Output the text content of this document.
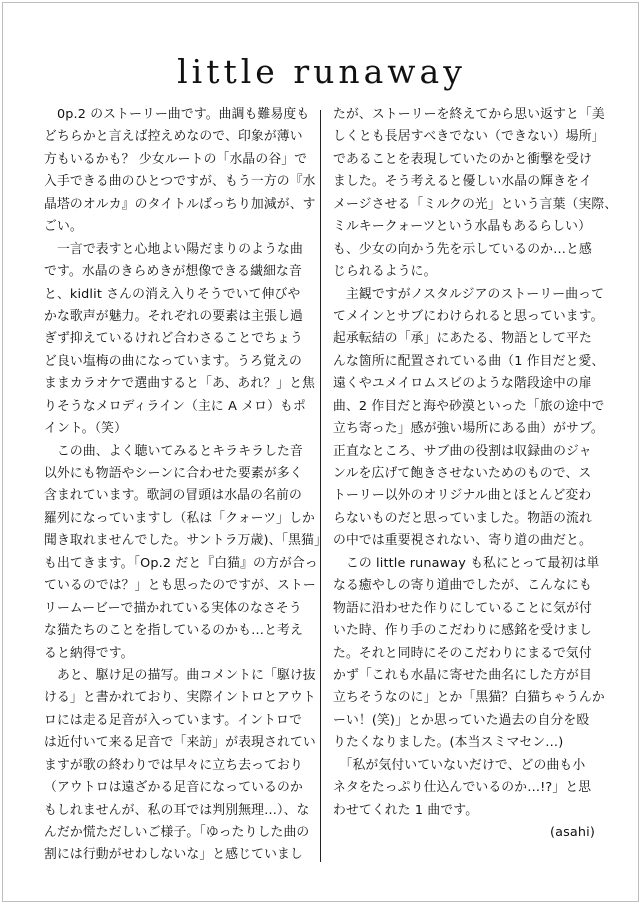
little runaway
　0p.2 のストーリー曲です。曲調も難易度も
どちらかと言えば控えめなので、印象が薄い
方もいるかも？ 少女ルートの「水晶の谷」で
入手できる曲のひとつですが、もう一方の『水
晶塔のオルカ』のタイトルばっちり加減が、す
ごい。
　一言で表すと心地よい陽だまりのような曲
です。水晶のきらめきが想像できる繊細な音
と、kidlit さんの消え入りそうでいて伸びや
かな歌声が魅力。それぞれの要素は主張し過
ぎず抑えているけれど合わさることでちょう
ど良い塩梅の曲になっています。うろ覚えの
ままカラオケで選曲すると「あ、あれ？」と焦
りそうなメロディライン（主に A メロ）もポ
イント。（笑）
　この曲、よく聴いてみるとキラキラした音
以外にも物語やシーンに合わせた要素が多く
含まれています。歌詞の冒頭は水晶の名前の
羅列になっていますし（私は「クォーツ」しか
聞き取れませんでした。サントラ万歳)、「黒猫」
も出てきます。「Op.2 だと『白猫』の方が合っ
ているのでは？」とも思ったのですが、ストー
リームービーで描かれている実体のなさそう
な猫たちのことを指しているのかも…と考え
ると納得です。
　あと、駆け足の描写。曲コメントに「駆け抜
ける」と書かれており、実際イントロとアウト
ロには走る足音が入っています。イントロで
は近付いて来る足音で「来訪」が表現されてい
ますが歌の終わりでは早々に立ち去っており
（アウトロは遠ざかる足音になっているのか
もしれませんが、私の耳では判別無理…）、な
んだか慌ただしいご様子。「ゆったりした曲の
割には行動がせわしないな」と感じていまし
たが、ストーリーを終えてから思い返すと「美
しくとも長居すべきでない（できない）場所」
であることを表現していたのかと衝撃を受け
ました。そう考えると優しい水晶の輝きをイ
メージさせる「ミルクの光」という言葉（実際、
ミルキークォーツという水晶もあるらしい）
も、少女の向かう先を示しているのか…と感
じられるように。
　主観ですがノスタルジアのストーリー曲って
てメインとサブにわけられると思っています。
起承転結の「承」にあたる、物語として平た
んな箇所に配置されている曲（1 作目だと愛、
遠くやユメイロムスビのような階段途中の扉
曲、2 作目だと海や砂漠といった「旅の途中で
立ち寄った」感が強い場所にある曲）がサブ。
正直なところ、サブ曲の役割は収録曲のジャ
ンルを広げて飽きさせないためのもので、ス
トーリー以外のオリジナル曲とほとんど変わ
らないものだと思っていました。物語の流れ
の中では重要視されない、寄り道の曲だと。
　この little runaway も私にとって最初は単
なる癒やしの寄り道曲でしたが、こんなにも
物語に沿わせた作りにしていることに気が付
いた時、作り手のこだわりに感銘を受けまし
た。それと同時にそのこだわりにまるで気付
かず「これも水晶に寄せた曲名にした方が目
立ちそうなのに」とか「黒猫？白猫ちゃうんか
ーい！(笑)」とか思っていた過去の自分を殴
りたくなりました。(本当スミマセン…)
　「私が気付いていないだけで、どの曲も小
ネタをたっぷり仕込んでいるのか…!?」と思
わせてくれた 1 曲です。
(asahi)
